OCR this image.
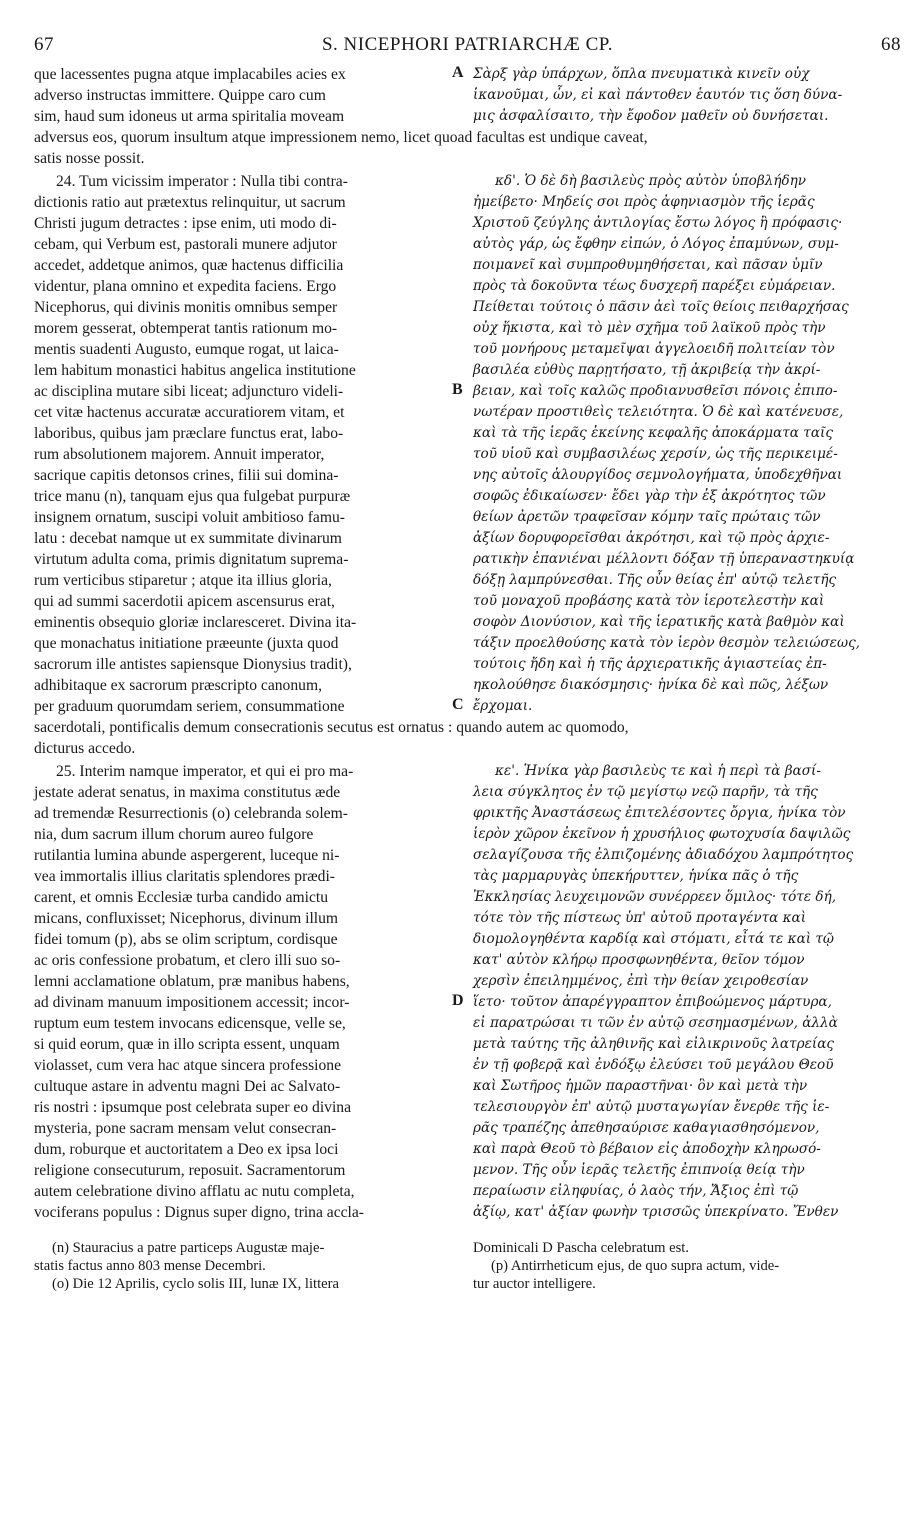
67	S. NICEPHORI PATRIARCHÆ CP.	68
que lacessentes pugna atque implacabiles acies ex
adverso instructas immittere. Quippe caro cum
sim, haud sum idoneus ut arma spiritalia moveam
Σὰρξ γὰρ ὑπάρχων, ὅπλα πνευματικὰ κινεῖν οὐχ
ἱκανοῦμαι, ὧν, εἰ καὶ πάντοθεν ἑαυτόν τις ὅση δύνα-
μις ἀσφαλίσαιτο, τὴν ἔφοδον μαθεῖν οὐ δυνήσεται.
A
adversus eos, quorum insultum atque impressionem nemo, licet quoad facultas est undique caveat,
satis nosse possit.
24. Tum vicissim imperator : Nulla tibi contra-
dictionis ratio aut prætextus relinquitur, ut sacrum
Christi jugum detractes : ipse enim, uti modo di-
cebam, qui Verbum est, pastorali munere adjutor
accedet, addetque animos, quæ hactenus difficilia
videntur, plana omnino et expedita faciens. Ergo
Nicephorus, qui divinis monitis omnibus semper
morem gesserat, obtemperat tantis rationum mo-
mentis suadenti Augusto, eumque rogat, ut laica-
lem habitum monastici habitus angelica institutione
ac disciplina mutare sibi liceat; adjuncturo videli-
cet vitæ hactenus accuratæ accuratiorem vitam, et
laboribus, quibus jam præclare functus erat, labo-
rum absolutionem majorem. Annuit imperator,
sacrique capitis detonsos crines, filii sui domina-
trice manu (n), tanquam ejus qua fulgebat purpuræ
insignem ornatum, suscipi voluit ambitioso famu-
latu : decebat namque ut ex summitate divinarum
virtutum adulta coma, primis dignitatum suprema-
rum verticibus stiparetur ; atque ita illius gloria,
qui ad summi sacerdotii apicem ascensurus erat,
eminentis obsequio gloriæ inclaresceret. Divina ita-
que monachatus initiatione præeunte (juxta quod
sacrorum ille antistes sapiensque Dionysius tradit),
adhibitaque ex sacrorum præscripto canonum,
per graduum quorumdam seriem, consummatione
κδ'. Ὁ δὲ δὴ βασιλεὺς πρὸς αὐτὸν ὑποβλήδην
ἠμείβετο· Μηδείς σοι πρὸς ἀφηνιασμὸν τῆς ἱερᾶς
Χριστοῦ ζεύγλης ἀντιλογίας ἔστω λόγος ἢ πρόφασις·
αὐτὸς γάρ, ὡς ἔφθην εἰπών, ὁ Λόγος ἐπαμύνων, συμ-
ποιμανεῖ καὶ συμπροθυμηθήσεται, καὶ πᾶσαν ὑμῖν
πρὸς τὰ δοκοῦντα τέως δυσχερῆ παρέξει εὐμάρειαν.
Πείθεται τούτοις ὁ πᾶσιν ἀεὶ τοῖς θείοις πειθαρχήσας
οὐχ ἥκιστα, καὶ τὸ μὲν σχῆμα τοῦ λαϊκοῦ πρὸς τὴν
τοῦ μονήρους μεταμεῖψαι ἀγγελοειδῆ πολιτείαν τὸν
βασιλέα εὐθὺς παρῃτήσατο, τῇ ἀκριβείᾳ τὴν ἀκρί-
βειαν, καὶ τοῖς καλῶς προδιανυσθεῖσι πόνοις ἐπιπο-
νωτέραν προστιθεὶς τελειότητα. Ὁ δὲ καὶ κατένευσε,
καὶ τὰ τῆς ἱερᾶς ἐκείνης κεφαλῆς ἀποκάρματα ταῖς
τοῦ υἱοῦ καὶ συμβασιλέως χερσίν, ὡς τῆς περικειμέ-
νης αὐτοῖς ἁλουργίδος σεμνολογήματα, ὑποδεχθῆναι
σοφῶς ἐδικαίωσεν· ἔδει γὰρ τὴν ἐξ ἀκρότητος τῶν
θείων ἀρετῶν τραφεῖσαν κόμην ταῖς πρώταις τῶν
ἀξίων δορυφορεῖσθαι ἀκρότησι, καὶ τῷ πρὸς ἀρχιε-
ρατικὴν ἐπανιέναι μέλλοντι δόξαν τῇ ὑπεραναστηκυίᾳ
δόξῃ λαμπρύνεσθαι. Τῆς οὖν θείας ἐπ' αὐτῷ τελετῆς
τοῦ μοναχοῦ προβάσης κατὰ τὸν ἱεροτελεστὴν καὶ
σοφὸν Διονύσιον, καὶ τῆς ἱερατικῆς κατὰ βαθμὸν καὶ
τάξιν προελθούσης κατὰ τὸν ἱερὸν θεσμὸν τελειώσεως,
τούτοις ἤδη καὶ ἡ τῆς ἀρχιερατικῆς ἁγιαστείας ἐπ-
ηκολούθησε διακόσμησις· ἡνίκα δὲ καὶ πῶς, λέξων
ἔρχομαι.
B
C
sacerdotali, pontificalis demum consecrationis secutus est ornatus : quando autem ac quomodo,
dicturus accedo.
25. Interim namque imperator, et qui ei pro ma-
jestate aderat senatus, in maxima constitutus æde
ad tremendæ Resurrectionis (o) celebranda solem-
nia, dum sacrum illum chorum aureo fulgore
rutilantia lumina abunde aspergerent, luceque ni-
vea immortalis illius claritatis splendores prædi-
carent, et omnis Ecclesiæ turba candido amictu
micans, confluxisset; Nicephorus, divinum illum
fidei tomum (p), abs se olim scriptum, cordisque
ac oris confessione probatum, et clero illi suo so-
lemni acclamatione oblatum, præ manibus habens,
ad divinam manuum impositionem accessit; incor-
ruptum eum testem invocans edicensque, velle se,
si quid eorum, quæ in illo scripta essent, unquam
violasset, cum vera hac atque sincera professione
cultuque astare in adventu magni Dei ac Salvato-
ris nostri : ipsumque post celebrata super eo divina
mysteria, pone sacram mensam velut consecran-
dum, roburque et auctoritatem a Deo ex ipsa loci
religione consecuturum, reposuit. Sacramentorum
autem celebratione divino afflatu ac nutu completa,
vociferans populus : Dignus super digno, trina accla-
κε'. Ἡνίκα γὰρ βασιλεὺς τε καὶ ἡ περὶ τὰ βασί-
λεια σύγκλητος ἐν τῷ μεγίστῳ νεῷ παρῆν, τὰ τῆς
φρικτῆς Ἀναστάσεως ἐπιτελέσοντες ὄργια, ἡνίκα τὸν
ἱερὸν χῶρον ἐκεῖνον ἡ χρυσήλιος φωτοχυσία δαψιλῶς
σελαγίζουσα τῆς ἐλπιζομένης ἀδιαδόχου λαμπρότητος
τὰς μαρμαρυγὰς ὑπεκήρυττεν, ἡνίκα πᾶς ὁ τῆς
Ἐκκλησίας λευχειμονῶν συνέρρεεν ὅμιλος· τότε δή,
τότε τὸν τῆς πίστεως ὑπ' αὐτοῦ προταγέντα καὶ
διομολογηθέντα καρδίᾳ καὶ στόματι, εἶτά τε καὶ τῷ
κατ' αὐτὸν κλήρῳ προσφωνηθέντα, θεῖον τόμον
χερσὶν ἐπειλημμένος, ἐπὶ τὴν θείαν χειροθεσίαν
ἵετο· τοῦτον ἀπαρέγγραπτον ἐπιβοώμενος μάρτυρα,
εἰ παρατρώσαι τι τῶν ἐν αὐτῷ σεσημασμένων, ἀλλὰ
μετὰ ταύτης τῆς ἀληθινῆς καὶ εἰλικρινοῦς λατρείας
ἐν τῇ φοβερᾷ καὶ ἐνδόξῳ ἐλεύσει τοῦ μεγάλου Θεοῦ
καὶ Σωτῆρος ἡμῶν παραστῆναι· ὃν καὶ μετὰ τὴν
τελεσιουργὸν ἐπ' αὐτῷ μυσταγωγίαν ἔνερθε τῆς ἱε-
ρᾶς τραπέζης ἀπεθησαύρισε καθαγιασθησόμενον,
καὶ παρὰ Θεοῦ τὸ βέβαιον εἰς ἀποδοχὴν κληρωσό-
μενον. Τῆς οὖν ἱερᾶς τελετῆς ἐπιπνοίᾳ θείᾳ τὴν
περαίωσιν εἰληφυίας, ὁ λαὸς τήν, Ἄξιος ἐπὶ τῷ
ἀξίῳ, κατ' ἀξίαν φωνὴν τρισσῶς ὑπεκρίνατο. Ἔνθεν
D
(n) Stauracius a patre particeps Augustæ maje-
statis factus anno 803 mense Decembri.
(o) Die 12 Aprilis, cyclo solis III, lunæ IX, littera
Dominicali D Pascha celebratum est.
(p) Antirrheticum ejus, de quo supra actum, vide-
tur auctor intelligere.
